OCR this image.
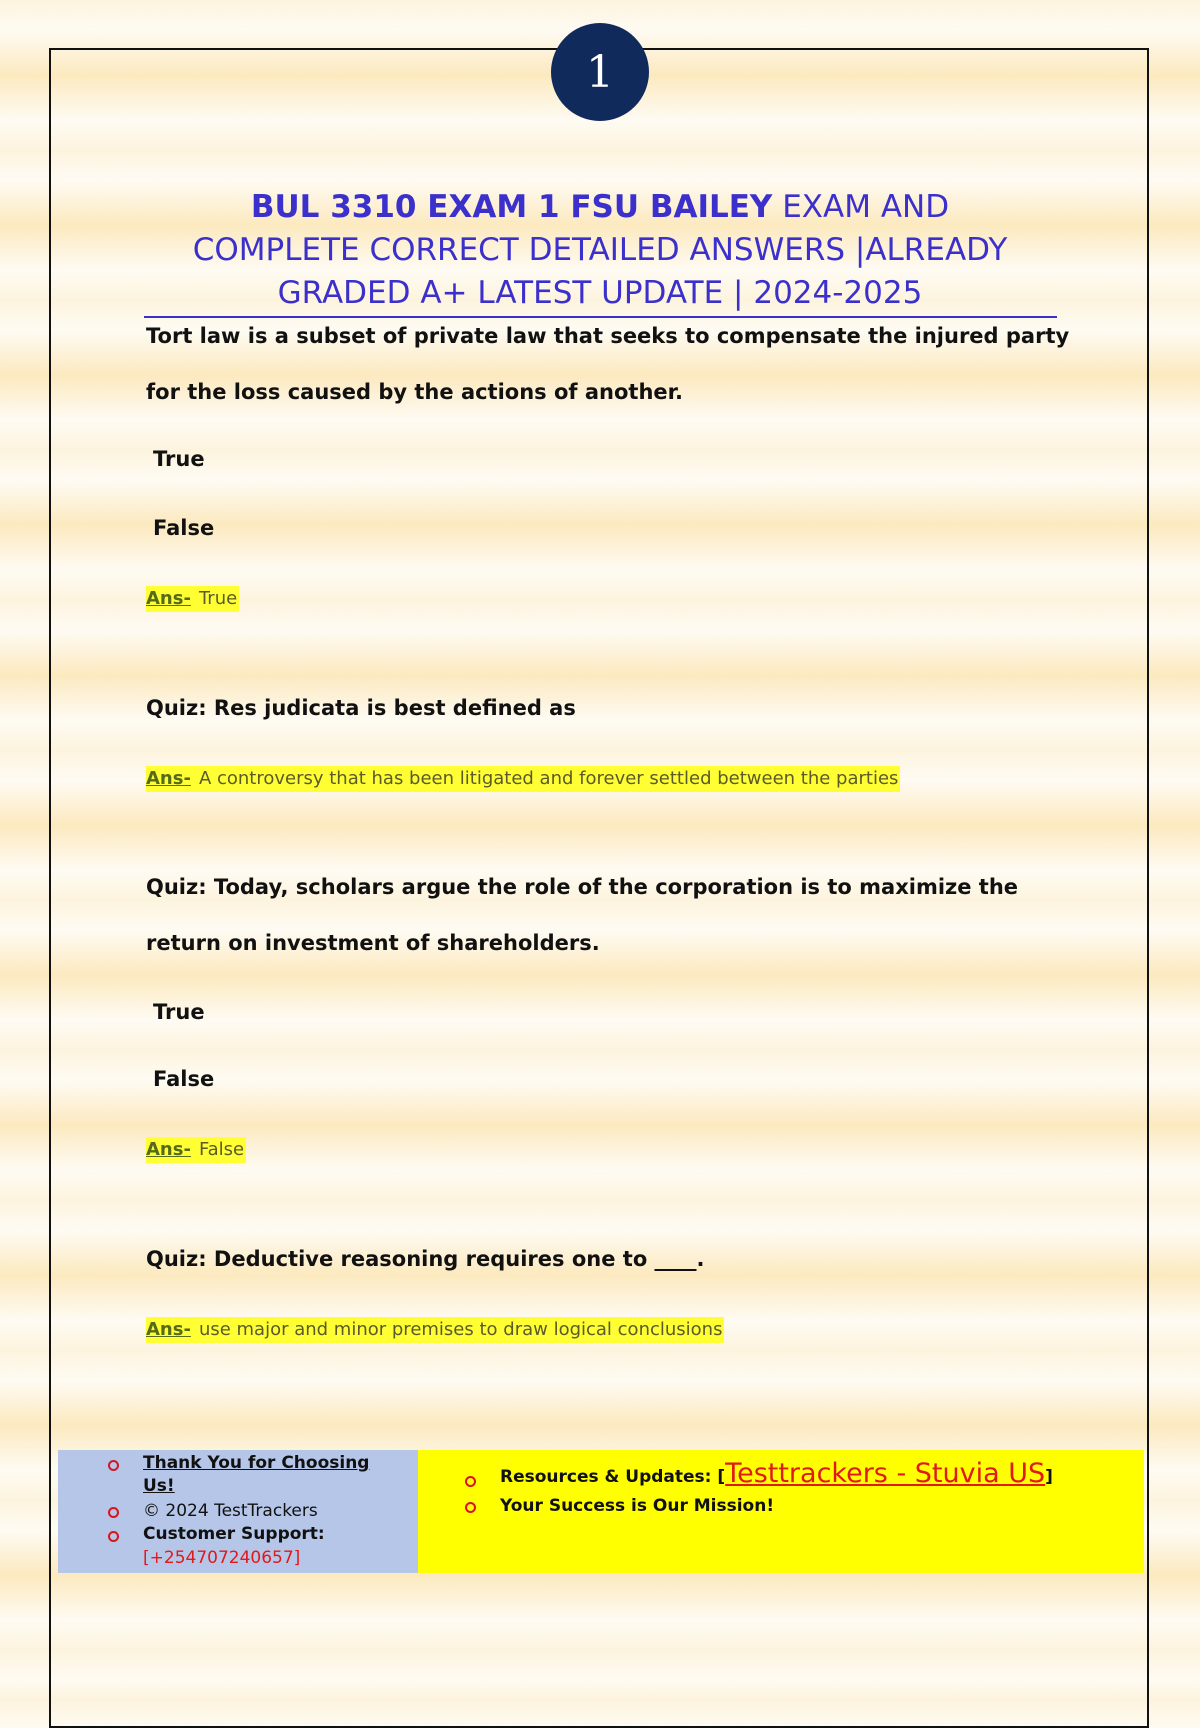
1
BUL 3310 EXAM 1 FSU BAILEY EXAM AND
COMPLETE CORRECT DETAILED ANSWERS |ALREADY
GRADED A+ LATEST UPDATE | 2024-2025
Tort law is a subset of private law that seeks to compensate the injured party
for the loss caused by the actions of another.
True
False
Ans- True
Quiz: Res judicata is best defined as
Ans- A controversy that has been litigated and forever settled between the parties
Quiz: Today, scholars argue the role of the corporation is to maximize the
return on investment of shareholders.
True
False
Ans- False
Quiz: Deductive reasoning requires one to ____.
Ans- use major and minor premises to draw logical conclusions
Thank You for Choosing
Us!
© 2024 TestTrackers
Customer Support:
[+254707240657]
Resources & Updates: [Testtrackers - Stuvia US]
Your Success is Our Mission!
